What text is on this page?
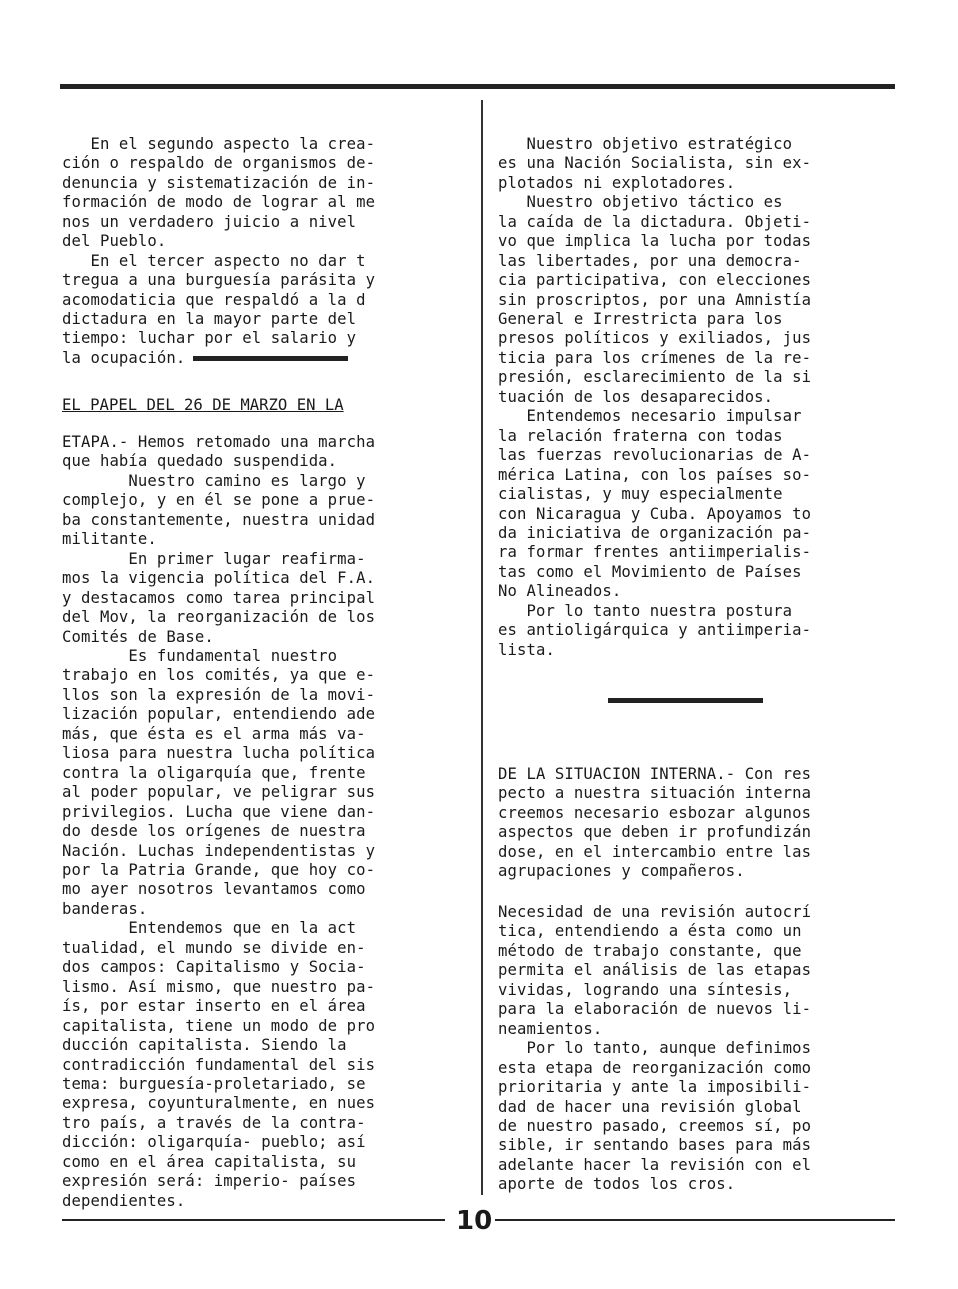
En el segundo aspecto la crea-
ción o respaldo de organismos de-
denuncia y sistematización de in-
formación de modo de lograr al me
nos un verdadero juicio a nivel
del Pueblo.
En el tercer aspecto no dar t
tregua a una burguesía parásita y
acomodaticia que respaldó a la d
dictadura en la mayor parte del
tiempo: luchar por el salario y
la ocupación.

EL PAPEL DEL 26 DE MARZO EN LA
ETAPA.- Hemos retomado una marcha
que había quedado suspendida.
Nuestro camino es largo y
complejo, y en él se pone a prue-
ba constantemente, nuestra unidad
militante.
En primer lugar reafirma-
mos la vigencia política del F.A.
y destacamos como tarea principal
del Mov, la reorganización de los
Comités de Base.
Es fundamental nuestro
trabajo en los comités, ya que e-
llos son la expresión de la movi-
lización popular, entendiendo ade
más, que ésta es el arma más va-
liosa para nuestra lucha política
contra la oligarquía que, frente
al poder popular, ve peligrar sus
privilegios. Lucha que viene dan-
do desde los orígenes de nuestra
Nación. Luchas independentistas y
por la Patria Grande, que hoy co-
mo ayer nosotros levantamos como
banderas.
Entendemos que en la act
tualidad, el mundo se divide en-
dos campos: Capitalismo y Socia-
lismo. Así mismo, que nuestro pa-
ís, por estar inserto en el área
capitalista, tiene un modo de pro
ducción capitalista. Siendo la
contradicción fundamental del sis
tema: burguesía-proletariado, se
expresa, coyunturalmente, en nues
tro país, a través de la contra-
dicción: oligarquía- pueblo; así
como en el área capitalista, su
expresión será: imperio- países
dependientes.

Nuestro objetivo estratégico
es una Nación Socialista, sin ex-
plotados ni explotadores.
Nuestro objetivo táctico es
la caída de la dictadura. Objeti-
vo que implica la lucha por todas
las libertades, por una democra-
cia participativa, con elecciones
sin proscriptos, por una Amnistía
General e Irrestricta para los
presos políticos y exiliados, jus
ticia para los crímenes de la re-
presión, esclarecimiento de la si
tuación de los desaparecidos.
Entendemos necesario impulsar
la relación fraterna con todas
las fuerzas revolucionarias de A-
mérica Latina, con los países so-
cialistas, y muy especialmente
con Nicaragua y Cuba. Apoyamos to
da iniciativa de organización pa-
ra formar frentes antiimperialis-
tas como el Movimiento de Países
No Alineados.
Por lo tanto nuestra postura
es antioligárquica y antiimperia-
lista.

DE LA SITUACION INTERNA.- Con res
pecto a nuestra situación interna
creemos necesario esbozar algunos
aspectos que deben ir profundizán
dose, en el intercambio entre las
agrupaciones y compañeros.
Necesidad de una revisión autocrí
tica, entendiendo a ésta como un
método de trabajo constante, que
permita el análisis de las etapas
vividas, logrando una síntesis,
para la elaboración de nuevos li-
neamientos.
Por lo tanto, aunque definimos
esta etapa de reorganización como
prioritaria y ante la imposibili-
dad de hacer una revisión global
de nuestro pasado, creemos sí, po
sible, ir sentando bases para más
adelante hacer la revisión con el
aporte de todos los cros.
10
